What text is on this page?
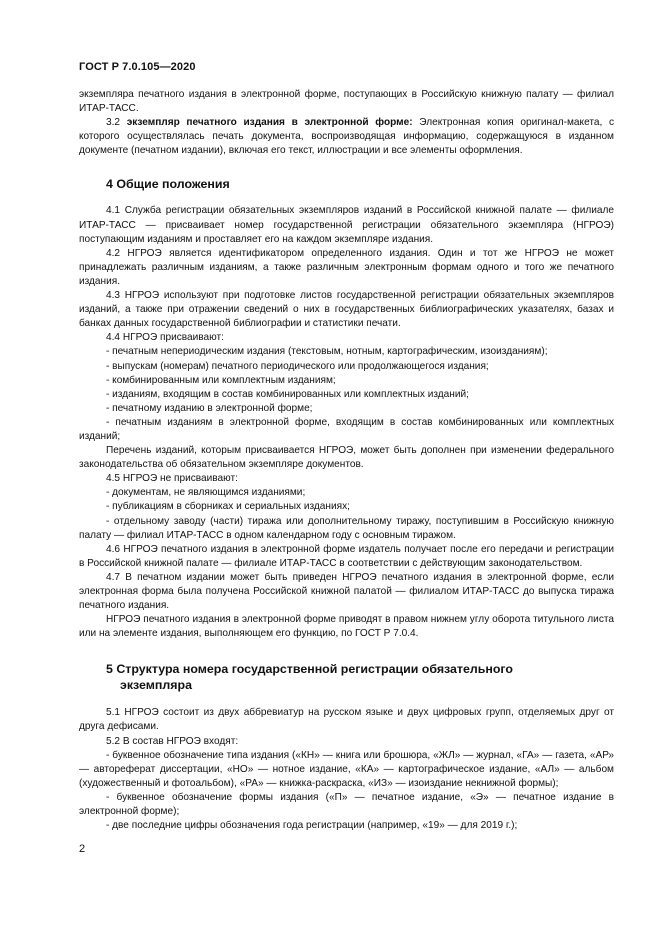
ГОСТ Р 7.0.105—2020

экземпляра печатного издания в электронной форме, поступающих в Российскую книжную палату — филиал ИТАР-ТАСС.

3.2 экземпляр печатного издания в электронной форме: Электронная копия оригинал-макета, с которого осуществлялась печать документа, воспроизводящая информацию, содержащуюся в изданном документе (печатном издании), включая его текст, иллюстрации и все элементы оформления.

4 Общие положения

4.1 Служба регистрации обязательных экземпляров изданий в Российской книжной палате — филиале ИТАР-ТАСС — присваивает номер государственной регистрации обязательного экземпляра (НГРОЭ) поступающим изданиям и проставляет его на каждом экземпляре издания.

4.2 НГРОЭ является идентификатором определенного издания. Один и тот же НГРОЭ не может принадлежать различным изданиям, а также различным электронным формам одного и того же печатного издания.

4.3 НГРОЭ используют при подготовке листов государственной регистрации обязательных экземпляров изданий, а также при отражении сведений о них в государственных библиографических указателях, базах и банках данных государственной библиографии и статистики печати.

4.4 НГРОЭ присваивают:

- печатным непериодическим издания (текстовым, нотным, картографическим, изоизданиям);

- выпускам (номерам) печатного периодического или продолжающегося издания;

- комбинированным или комплектным изданиям;

- изданиям, входящим в состав комбинированных или комплектных изданий;

- печатному изданию в электронной форме;

- печатным изданиям в электронной форме, входящим в состав комбинированных или комплектных изданий;

Перечень изданий, которым присваивается НГРОЭ, может быть дополнен при изменении федерального законодательства об обязательном экземпляре документов.

4.5 НГРОЭ не присваивают:

- документам, не являющимся изданиями;

- публикациям в сборниках и сериальных изданиях;

- отдельному заводу (части) тиража или дополнительному тиражу, поступившим в Российскую книжную палату — филиал ИТАР-ТАСС в одном календарном году с основным тиражом.

4.6 НГРОЭ печатного издания в электронной форме издатель получает после его передачи и регистрации в Российской книжной палате — филиале ИТАР-ТАСС в соответствии с действующим законодательством.

4.7 В печатном издании может быть приведен НГРОЭ печатного издания в электронной форме, если электронная форма была получена Российской книжной палатой — филиалом ИТАР-ТАСС до выпуска тиража печатного издания.

НГРОЭ печатного издания в электронной форме приводят в правом нижнем углу оборота титульного листа или на элементе издания, выполняющем его функцию, по ГОСТ Р 7.0.4.

5 Структура номера государственной регистрации обязательного
экземпляра

5.1 НГРОЭ состоит из двух аббревиатур на русском языке и двух цифровых групп, отделяемых друг от друга дефисами.

5.2 В состав НГРОЭ входят:

- буквенное обозначение типа издания («КН» — книга или брошюра, «ЖЛ» — журнал, «ГА» — газета, «АР» — автореферат диссертации, «НО» — нотное издание, «КА» — картографическое издание, «АЛ» — альбом (художественный и фотоальбом), «РА» — книжка-раскраска, «ИЗ» — изоиздание некнижной формы);

- буквенное обозначение формы издания («П» — печатное издание, «Э» — печатное издание в электронной форме);

- две последние цифры обозначения года регистрации (например, «19» — для 2019 г.);

2
